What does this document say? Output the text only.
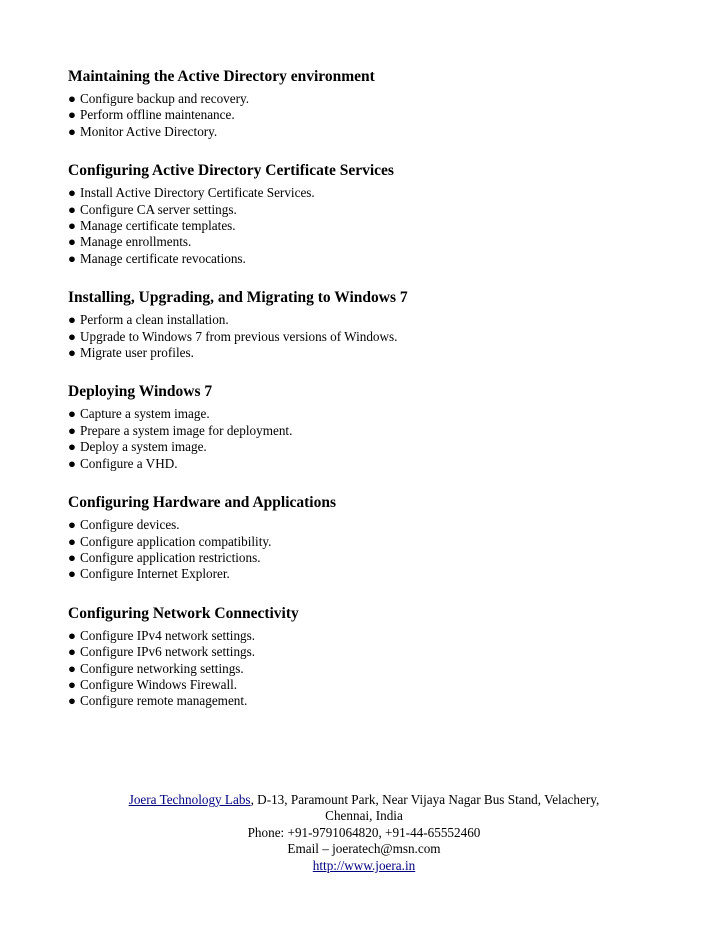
Maintaining the Active Directory environment
● Configure backup and recovery.
● Perform offline maintenance.
● Monitor Active Directory.
Configuring Active Directory Certificate Services
● Install Active Directory Certificate Services.
● Configure CA server settings.
● Manage certificate templates.
● Manage enrollments.
● Manage certificate revocations.
Installing, Upgrading, and Migrating to Windows 7
● Perform a clean installation.
● Upgrade to Windows 7 from previous versions of Windows.
● Migrate user profiles.
Deploying Windows 7
● Capture a system image.
● Prepare a system image for deployment.
● Deploy a system image.
● Configure a VHD.
Configuring Hardware and Applications
● Configure devices.
● Configure application compatibility.
● Configure application restrictions.
● Configure Internet Explorer.
Configuring Network Connectivity
● Configure IPv4 network settings.
● Configure IPv6 network settings.
● Configure networking settings.
● Configure Windows Firewall.
● Configure remote management.
Joera Technology Labs, D-13, Paramount Park, Near Vijaya Nagar Bus Stand, Velachery,
Chennai, India
Phone: +91-9791064820, +91-44-65552460
Email – joeratech@msn.com
http://www.joera.in
